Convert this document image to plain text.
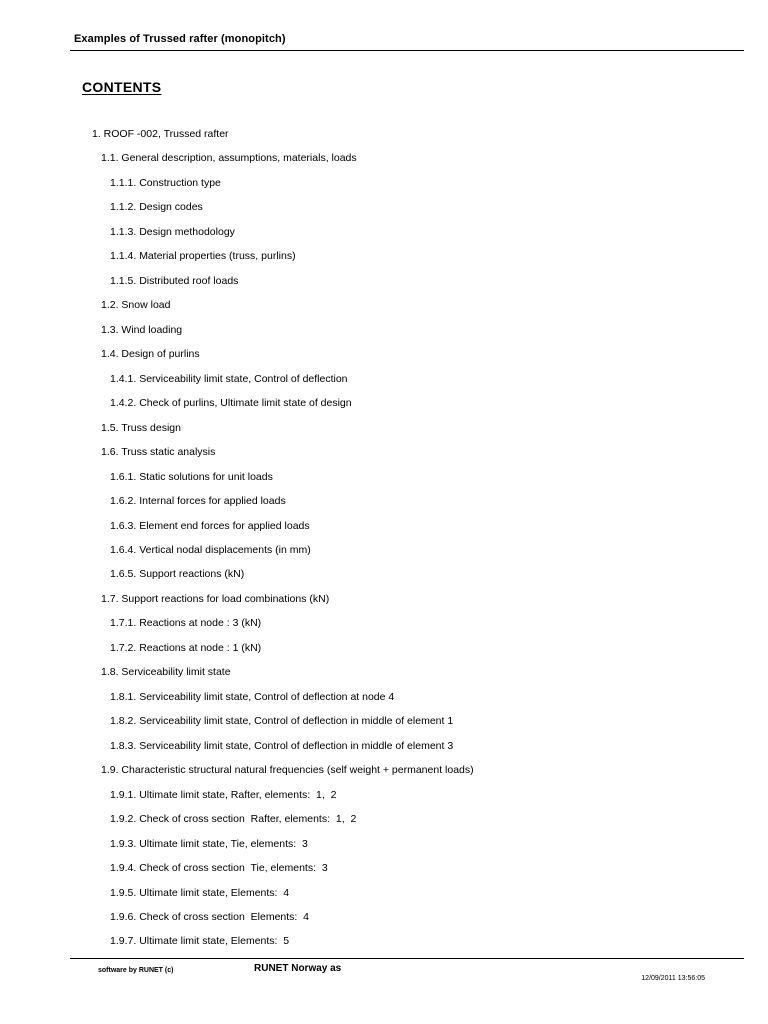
Examples of Trussed rafter (monopitch)
CONTENTS
1. ROOF -002, Trussed rafter
1.1. General description, assumptions, materials, loads
1.1.1. Construction type
1.1.2. Design codes
1.1.3. Design methodology
1.1.4. Material properties (truss, purlins)
1.1.5. Distributed roof loads
1.2. Snow load
1.3. Wind loading
1.4. Design of purlins
1.4.1. Serviceability limit state, Control of deflection
1.4.2. Check of purlins, Ultimate limit state of design
1.5. Truss design
1.6. Truss static analysis
1.6.1. Static solutions for unit loads
1.6.2. Internal forces for applied loads
1.6.3. Element end forces for applied loads
1.6.4. Vertical nodal displacements (in mm)
1.6.5. Support reactions (kN)
1.7. Support reactions for load combinations (kN)
1.7.1. Reactions at node : 3 (kN)
1.7.2. Reactions at node : 1 (kN)
1.8. Serviceability limit state
1.8.1. Serviceability limit state, Control of deflection at node 4
1.8.2. Serviceability limit state, Control of deflection in middle of element 1
1.8.3. Serviceability limit state, Control of deflection in middle of element 3
1.9. Characteristic structural natural frequencies (self weight + permanent loads)
1.9.1. Ultimate limit state, Rafter, elements:  1,  2
1.9.2. Check of cross section  Rafter, elements:  1,  2
1.9.3. Ultimate limit state, Tie, elements:  3
1.9.4. Check of cross section  Tie, elements:  3
1.9.5. Ultimate limit state, Elements:  4
1.9.6. Check of cross section  Elements:  4
1.9.7. Ultimate limit state, Elements:  5
software by RUNET (c)	RUNET Norway as
12/09/2011 13:56:05
